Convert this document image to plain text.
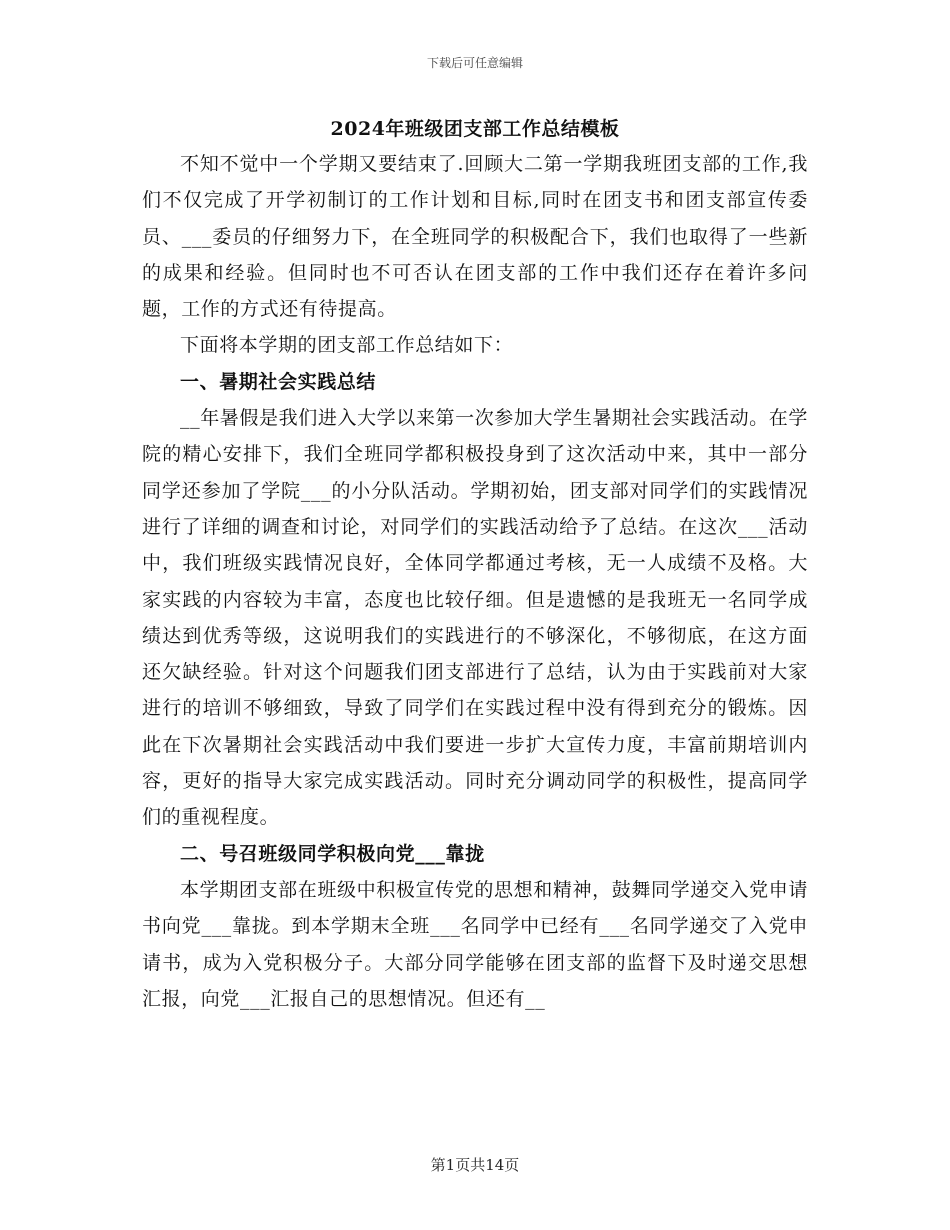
下载后可任意编辑
2024年班级团支部工作总结模板

不知不觉中一个学期又要结束了.回顾大二第一学期我班团支部的工作,我们不仅完成了开学初制订的工作计划和目标,同时在团支书和团支部宣传委员、___委员的仔细努力下，在全班同学的积极配合下，我们也取得了一些新的成果和经验。但同时也不可否认在团支部的工作中我们还存在着许多问题，工作的方式还有待提高。

下面将本学期的团支部工作总结如下：

一、暑期社会实践总结

__年暑假是我们进入大学以来第一次参加大学生暑期社会实践活动。在学院的精心安排下，我们全班同学都积极投身到了这次活动中来，其中一部分同学还参加了学院___的小分队活动。学期初始，团支部对同学们的实践情况进行了详细的调查和讨论，对同学们的实践活动给予了总结。在这次___活动中，我们班级实践情况良好，全体同学都通过考核，无一人成绩不及格。大家实践的内容较为丰富，态度也比较仔细。但是遗憾的是我班无一名同学成绩达到优秀等级，这说明我们的实践进行的不够深化，不够彻底，在这方面还欠缺经验。针对这个问题我们团支部进行了总结，认为由于实践前对大家进行的培训不够细致，导致了同学们在实践过程中没有得到充分的锻炼。因此在下次暑期社会实践活动中我们要进一步扩大宣传力度，丰富前期培训内容，更好的指导大家完成实践活动。同时充分调动同学的积极性，提高同学们的重视程度。

二、号召班级同学积极向党___靠拢

本学期团支部在班级中积极宣传党的思想和精神，鼓舞同学递交入党申请书向党___靠拢。到本学期末全班___名同学中已经有___名同学递交了入党申请书，成为入党积极分子。大部分同学能够在团支部的监督下及时递交思想汇报，向党___汇报自己的思想情况。但还有__

第1页共14页
